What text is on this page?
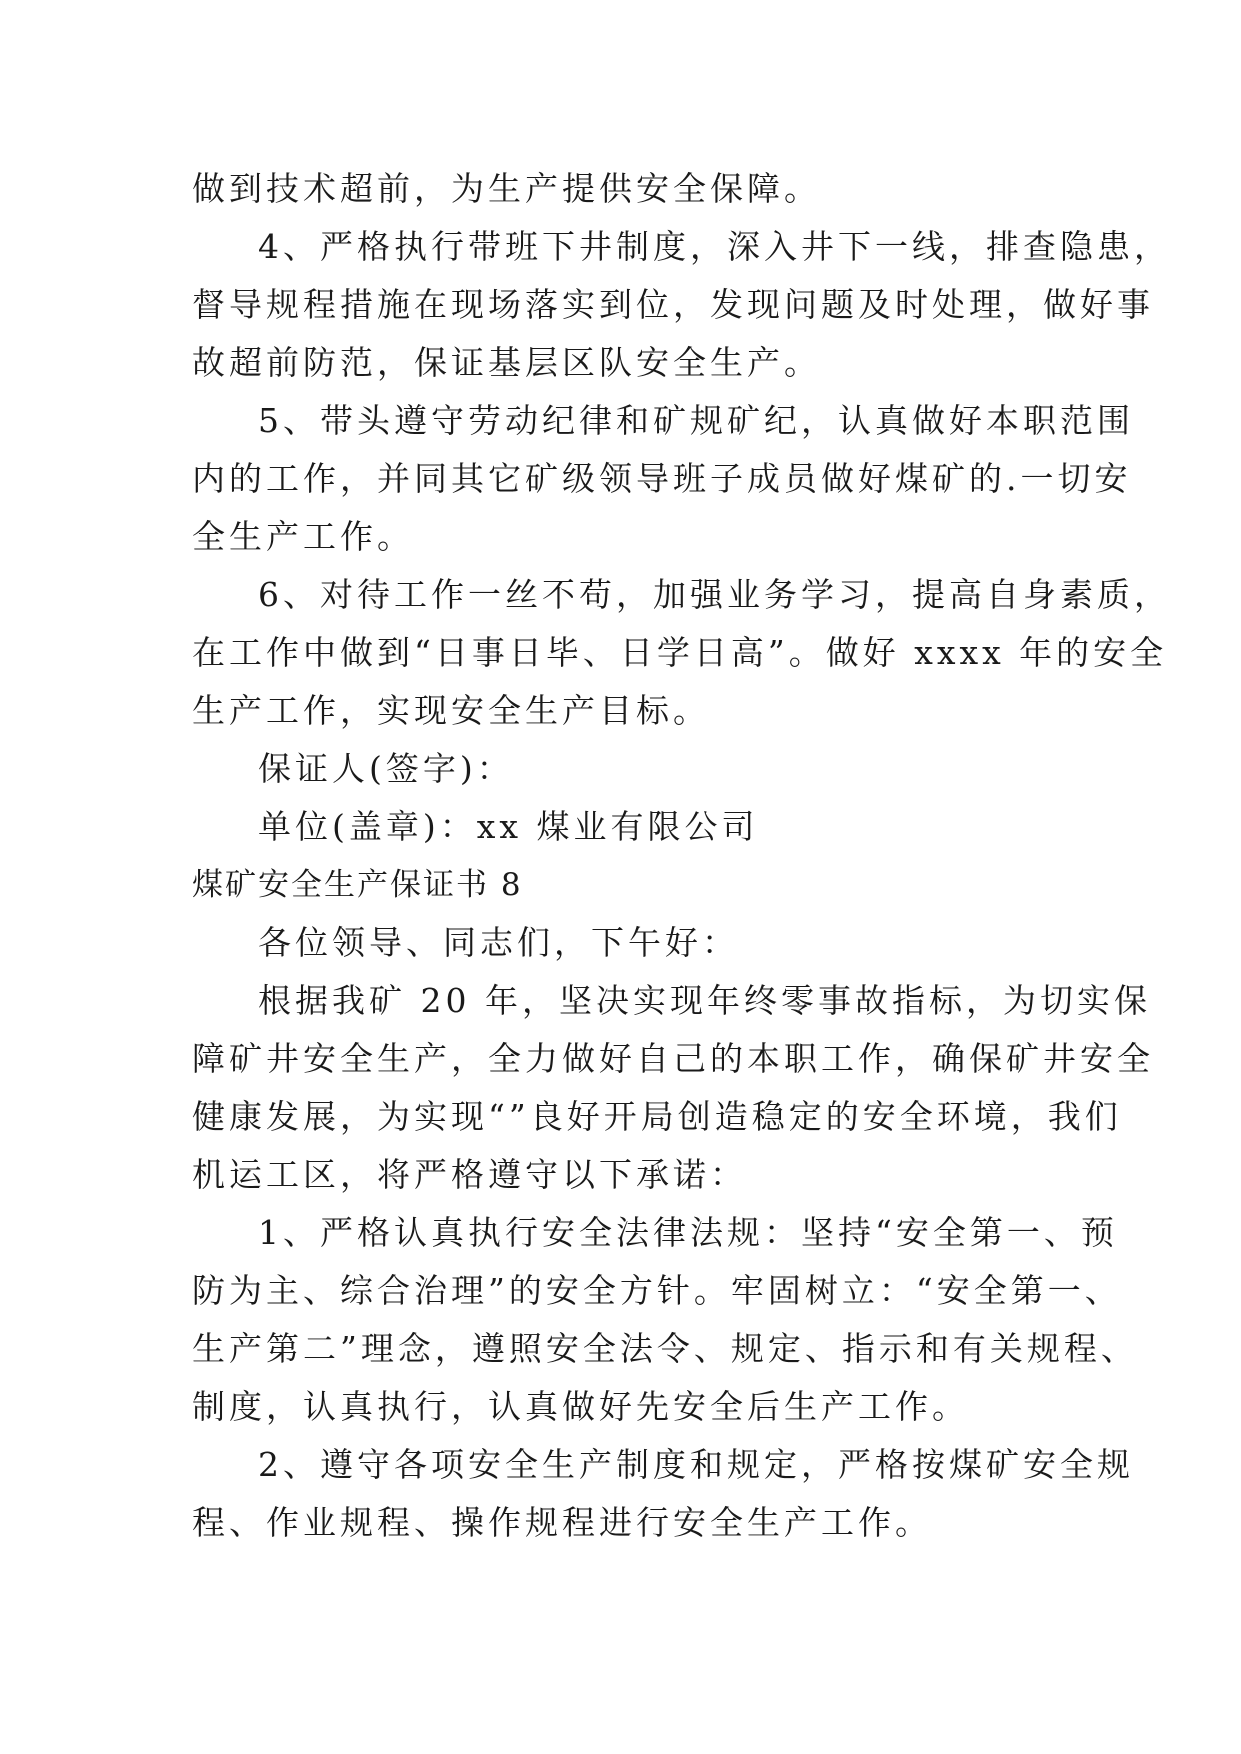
做到技术超前，为生产提供安全保障。
4、严格执行带班下井制度，深入井下一线，排查隐患，
督导规程措施在现场落实到位，发现问题及时处理，做好事
故超前防范，保证基层区队安全生产。
5、带头遵守劳动纪律和矿规矿纪，认真做好本职范围
内的工作，并同其它矿级领导班子成员做好煤矿的.一切安
全生产工作。
6、对待工作一丝不苟，加强业务学习，提高自身素质，
在工作中做到“日事日毕、日学日高”。做好 xxxx 年的安全
生产工作，实现安全生产目标。
保证人(签字)：
单位(盖章)：xx 煤业有限公司
煤矿安全生产保证书 8
各位领导、同志们，下午好：
根据我矿 20 年，坚决实现年终零事故指标，为切实保
障矿井安全生产，全力做好自己的本职工作，确保矿井安全
健康发展，为实现“”良好开局创造稳定的安全环境，我们
机运工区，将严格遵守以下承诺：
1、严格认真执行安全法律法规：坚持“安全第一、预
防为主、综合治理”的安全方针。牢固树立：“安全第一、
生产第二”理念，遵照安全法令、规定、指示和有关规程、
制度，认真执行，认真做好先安全后生产工作。
2、遵守各项安全生产制度和规定，严格按煤矿安全规
程、作业规程、操作规程进行安全生产工作。
